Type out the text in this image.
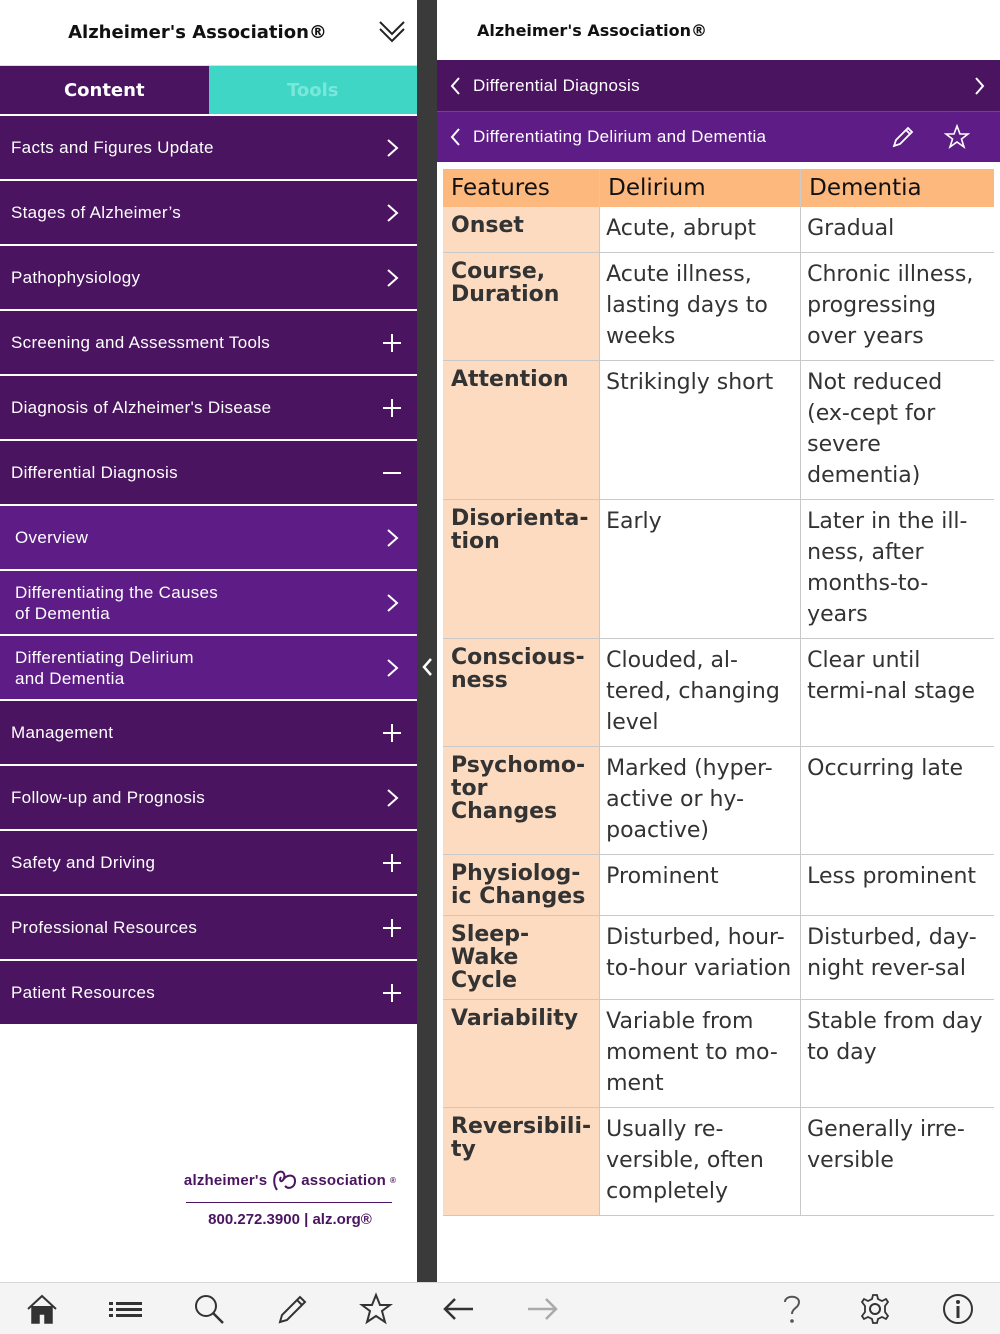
Alzheimer's Association®
Content	Tools
Facts and Figures Update
Stages of Alzheimer’s
Pathophysiology
Screening and Assessment Tools
Diagnosis of Alzheimer's Disease
Differential Diagnosis
Overview
Differentiating the Causes
of Dementia
Differentiating Delirium
and Dementia
Management
Follow-up and Prognosis
Safety and Driving
Professional Resources
Patient Resources
alzheimer's association ®
800.272.3900 | alz.org®
Alzheimer's Association®
Differential Diagnosis
Differentiating Delirium and Dementia
Features	Delirium	Dementia
Onset	Acute, abrupt	Gradual
Course,
Duration	Acute illness, lasting days to weeks	Chronic illness, progressing over years
Attention	Strikingly short	Not reduced (ex-cept for severe dementia)
Disorienta-
tion	Early	Later in the ill-ness, after months-to-years
Conscious-
ness	Clouded, al-tered, changing level	Clear until termi-nal stage
Psychomo-
tor
Changes	Marked (hyper-active or hy-poactive)	Occurring late
Physiolog-
ic Changes	Prominent	Less prominent
Sleep-Wake
Cycle	Disturbed, hour-to-hour variation	Disturbed, day-night rever-sal
Variability	Variable from moment to mo-ment	Stable from day to day
Reversibili-
ty	Usually re-versible, often completely	Generally irre-versible
